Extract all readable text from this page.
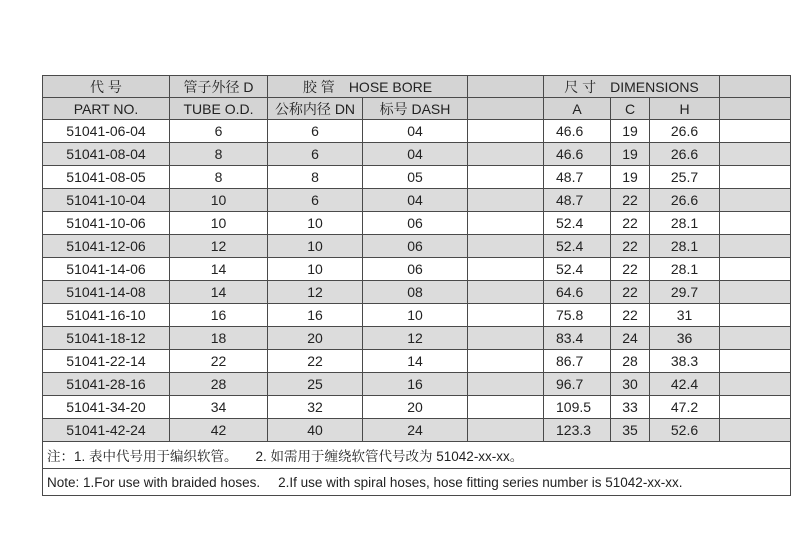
代 号	管子外径 D	胶 管 HOSE BORE			尺 寸 DIMENSIONS			
PART NO.	TUBE O.D.	公称内径 DN	标号 DASH		A	C	H	
51041-06-04	6	6	04		46.6	19	26.6	
51041-08-04	8	6	04		46.6	19	26.6	
51041-08-05	8	8	05		48.7	19	25.7	
51041-10-04	10	6	04		48.7	22	26.6	
51041-10-06	10	10	06		52.4	22	28.1	
51041-12-06	12	10	06		52.4	22	28.1	
51041-14-06	14	10	06		52.4	22	28.1	
51041-14-08	14	12	08		64.6	22	29.7	
51041-16-10	16	16	10		75.8	22	31	
51041-18-12	18	20	12		83.4	24	36	
51041-22-14	22	22	14		86.7	28	38.3	
51041-28-16	28	25	16		96.7	30	42.4	
51041-34-20	34	32	20		109.5	33	47.2	
51041-42-24	42	40	24		123.3	35	52.6	
注：1. 表中代号用于编织软管。 2. 如需用于缠绕软管代号改为 51042-xx-xx。								
Note: 1.For use with braided hoses. 2.If use with spiral hoses, hose fitting series number is 51042-xx-xx.								
